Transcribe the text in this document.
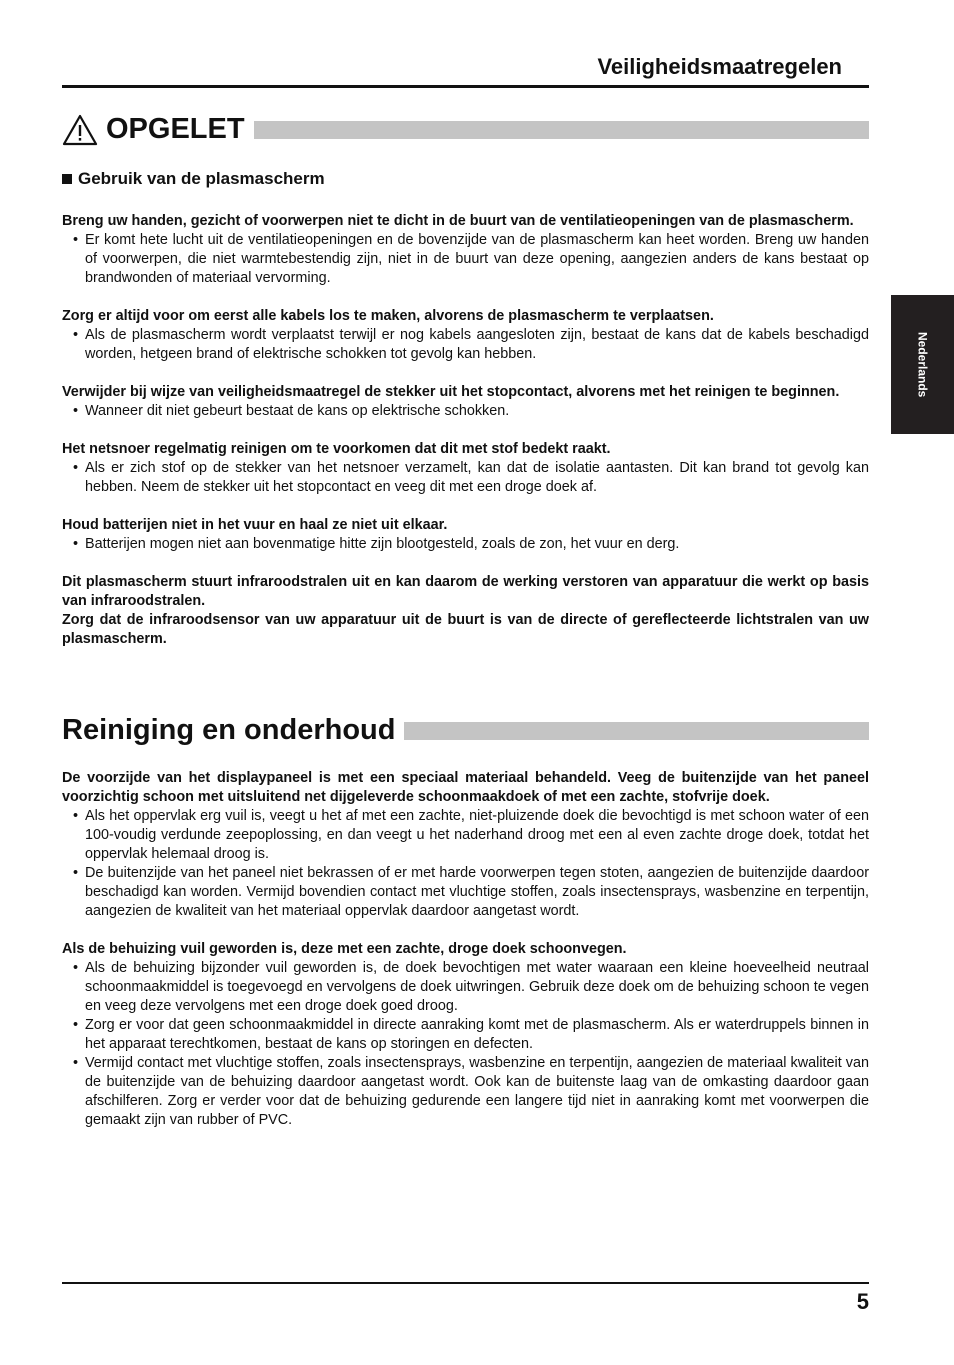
Veiligheidsmaatregelen
Nederlands
OPGELET
Gebruik van de plasmascherm
Breng uw handen, gezicht of voorwerpen niet te dicht in de buurt van de ventilatieopeningen van de plasmascherm.
• Er komt hete lucht uit de ventilatieopeningen en de bovenzijde van de plasmascherm kan heet worden. Breng uw handen of voorwerpen, die niet warmtebestendig zijn, niet in de buurt van deze opening, aangezien anders de kans bestaat op brandwonden of materiaal vervorming.
Zorg er altijd voor om eerst alle kabels los te maken, alvorens de plasmascherm te verplaatsen.
• Als de plasmascherm wordt verplaatst terwijl er nog kabels aangesloten zijn, bestaat de kans dat de kabels beschadigd worden, hetgeen brand of elektrische schokken tot gevolg kan hebben.
Verwijder bij wijze van veiligheidsmaatregel de stekker uit het stopcontact, alvorens met het reinigen te beginnen.
• Wanneer dit niet gebeurt bestaat de kans op elektrische schokken.
Het netsnoer regelmatig reinigen om te voorkomen dat dit met stof bedekt raakt.
• Als er zich stof op de stekker van het netsnoer verzamelt, kan dat de isolatie aantasten. Dit kan brand tot gevolg kan hebben. Neem de stekker uit het stopcontact en veeg dit met een droge doek af.
Houd batterijen niet in het vuur en haal ze niet uit elkaar.
• Batterijen mogen niet aan bovenmatige hitte zijn blootgesteld, zoals de zon, het vuur en derg.

Dit plasmascherm stuurt infraroodstralen uit en kan daarom de werking verstoren van apparatuur die werkt op basis van infraroodstralen.

Zorg dat de infraroodsensor van uw apparatuur uit de buurt is van de directe of gereflecteerde lichtstralen van uw plasmascherm.

Reiniging en onderhoud
De voorzijde van het displaypaneel is met een speciaal materiaal behandeld. Veeg de buitenzijde van het paneel voorzichtig schoon met uitsluitend net dijgeleverde schoonmaakdoek of met een zachte, stofvrije doek.
• Als het oppervlak erg vuil is, veegt u het af met een zachte, niet-pluizende doek die bevochtigd is met schoon water of een 100-voudig verdunde zeepoplossing, en dan veegt u het naderhand droog met een al even zachte droge doek, totdat het oppervlak helemaal droog is.
• De buitenzijde van het paneel niet bekrassen of er met harde voorwerpen tegen stoten, aangezien de buitenzijde daardoor beschadigd kan worden. Vermijd bovendien contact met vluchtige stoffen, zoals insectensprays, wasbenzine en terpentijn, aangezien de kwaliteit van het materiaal oppervlak daardoor aangetast wordt.
Als de behuizing vuil geworden is, deze met een zachte, droge doek schoonvegen.
• Als de behuizing bijzonder vuil geworden is, de doek bevochtigen met water waaraan een kleine hoeveelheid neutraal schoonmaakmiddel is toegevoegd en vervolgens de doek uitwringen. Gebruik deze doek om de behuizing schoon te vegen en veeg deze vervolgens met een droge doek goed droog.
• Zorg er voor dat geen schoonmaakmiddel in directe aanraking komt met de plasmascherm. Als er waterdruppels binnen in het apparaat terechtkomen, bestaat de kans op storingen en defecten.
• Vermijd contact met vluchtige stoffen, zoals insectensprays, wasbenzine en terpentijn, aangezien de materiaal kwaliteit van de buitenzijde van de behuizing daardoor aangetast wordt. Ook kan de buitenste laag van de omkasting daardoor gaan afschilferen. Zorg er verder voor dat de behuizing gedurende een langere tijd niet in aanraking komt met voorwerpen die gemaakt zijn van rubber of PVC.
5
